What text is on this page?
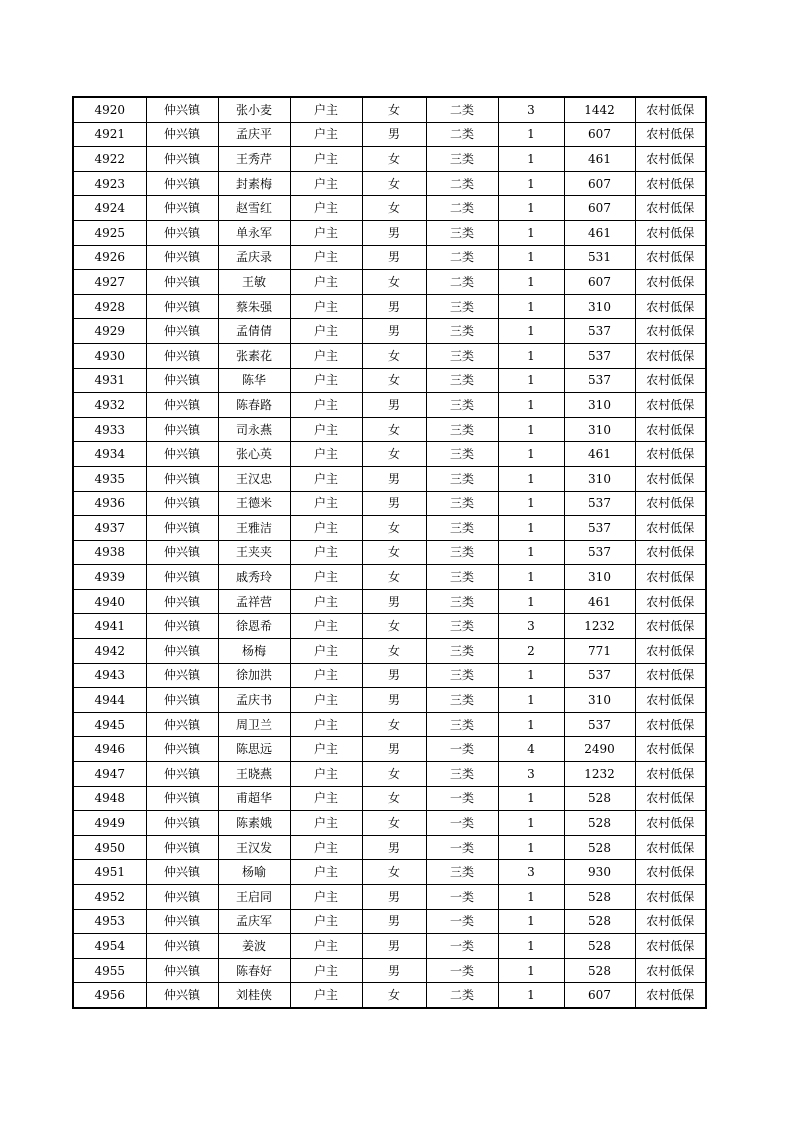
4920	仲兴镇	张小麦	户主	女	二类	3	1442	农村低保
4921	仲兴镇	孟庆平	户主	男	二类	1	607	农村低保
4922	仲兴镇	王秀芹	户主	女	三类	1	461	农村低保
4923	仲兴镇	封素梅	户主	女	二类	1	607	农村低保
4924	仲兴镇	赵雪红	户主	女	二类	1	607	农村低保
4925	仲兴镇	单永军	户主	男	三类	1	461	农村低保
4926	仲兴镇	孟庆录	户主	男	二类	1	531	农村低保
4927	仲兴镇	王敏	户主	女	二类	1	607	农村低保
4928	仲兴镇	蔡朱强	户主	男	三类	1	310	农村低保
4929	仲兴镇	孟倩倩	户主	男	三类	1	537	农村低保
4930	仲兴镇	张素花	户主	女	三类	1	537	农村低保
4931	仲兴镇	陈华	户主	女	三类	1	537	农村低保
4932	仲兴镇	陈春路	户主	男	三类	1	310	农村低保
4933	仲兴镇	司永燕	户主	女	三类	1	310	农村低保
4934	仲兴镇	张心英	户主	女	三类	1	461	农村低保
4935	仲兴镇	王汉忠	户主	男	三类	1	310	农村低保
4936	仲兴镇	王德米	户主	男	三类	1	537	农村低保
4937	仲兴镇	王雅洁	户主	女	三类	1	537	农村低保
4938	仲兴镇	王夹夹	户主	女	三类	1	537	农村低保
4939	仲兴镇	戚秀玲	户主	女	三类	1	310	农村低保
4940	仲兴镇	孟祥营	户主	男	三类	1	461	农村低保
4941	仲兴镇	徐恩希	户主	女	三类	3	1232	农村低保
4942	仲兴镇	杨梅	户主	女	三类	2	771	农村低保
4943	仲兴镇	徐加洪	户主	男	三类	1	537	农村低保
4944	仲兴镇	孟庆书	户主	男	三类	1	310	农村低保
4945	仲兴镇	周卫兰	户主	女	三类	1	537	农村低保
4946	仲兴镇	陈思远	户主	男	一类	4	2490	农村低保
4947	仲兴镇	王晓燕	户主	女	三类	3	1232	农村低保
4948	仲兴镇	甫超华	户主	女	一类	1	528	农村低保
4949	仲兴镇	陈素娥	户主	女	一类	1	528	农村低保
4950	仲兴镇	王汉发	户主	男	一类	1	528	农村低保
4951	仲兴镇	杨喻	户主	女	三类	3	930	农村低保
4952	仲兴镇	王启同	户主	男	一类	1	528	农村低保
4953	仲兴镇	孟庆军	户主	男	一类	1	528	农村低保
4954	仲兴镇	姜波	户主	男	一类	1	528	农村低保
4955	仲兴镇	陈春好	户主	男	一类	1	528	农村低保
4956	仲兴镇	刘桂侠	户主	女	二类	1	607	农村低保
